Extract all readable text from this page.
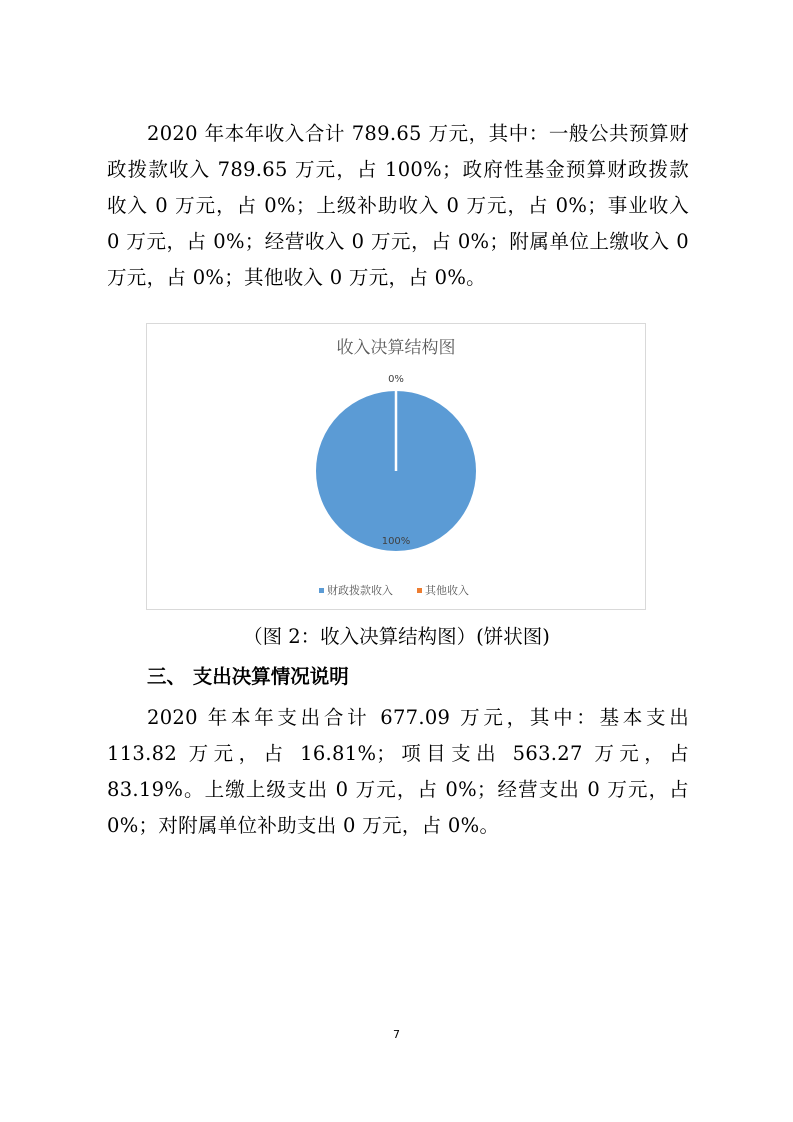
2020 年本年收入合计 789.65 万元，其中：一般公共预算财政拨款收入 789.65 万元，占 100%；政府性基金预算财政拨款收入 0 万元，占 0%；上级补助收入 0 万元，占 0%；事业收入 0 万元，占 0%；经营收入 0 万元，占 0%；附属单位上缴收入 0 万元，占 0%；其他收入 0 万元，占 0%。
收入决算结构图
100%
0%
财政拨款收入	其他收入
（图 2：收入决算结构图）(饼状图)
三、 支出决算情况说明
2020 年本年支出合计 677.09 万元，其中：基本支出 113.82 万元，占 16.81%；项目支出 563.27 万元，占 83.19%。上缴上级支出 0 万元，占 0%；经营支出 0 万元，占 0%；对附属单位补助支出 0 万元，占 0%。
7
